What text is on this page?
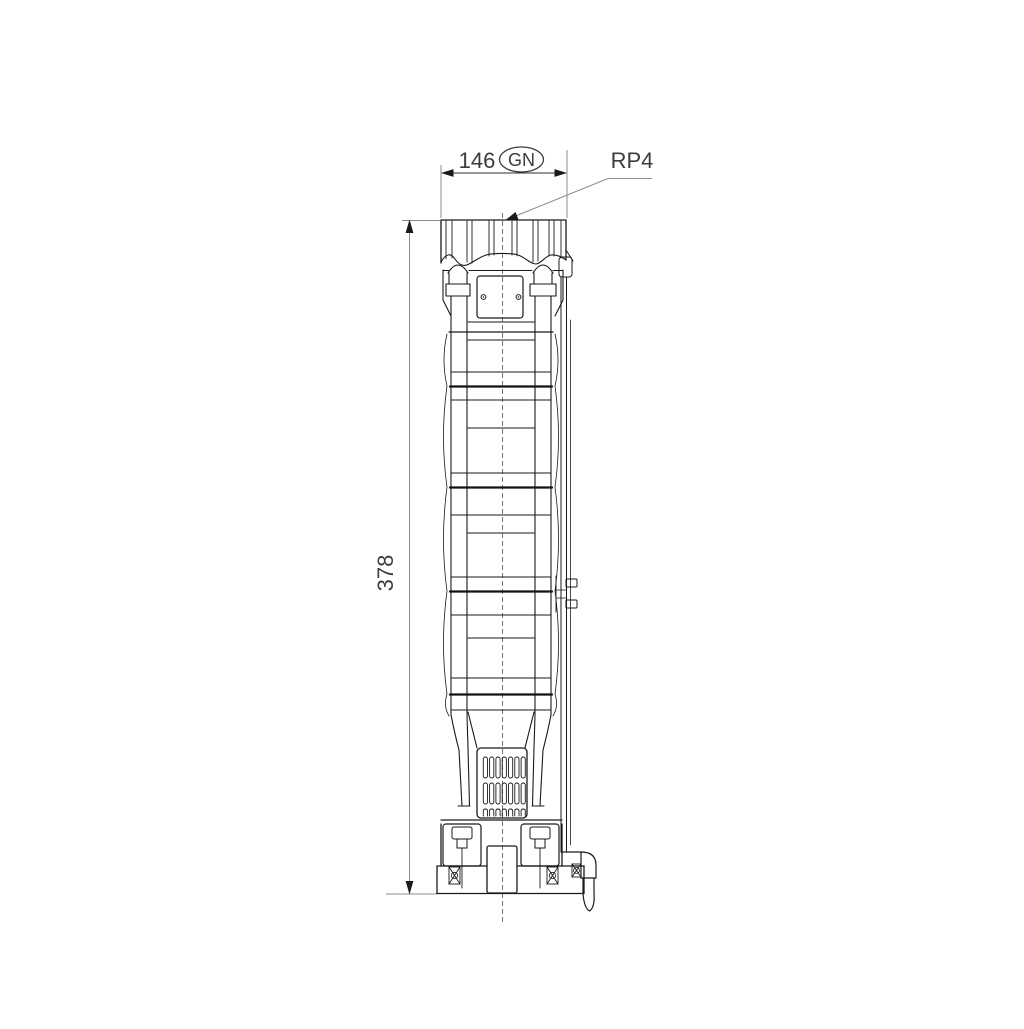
146 GN	RP4
378
